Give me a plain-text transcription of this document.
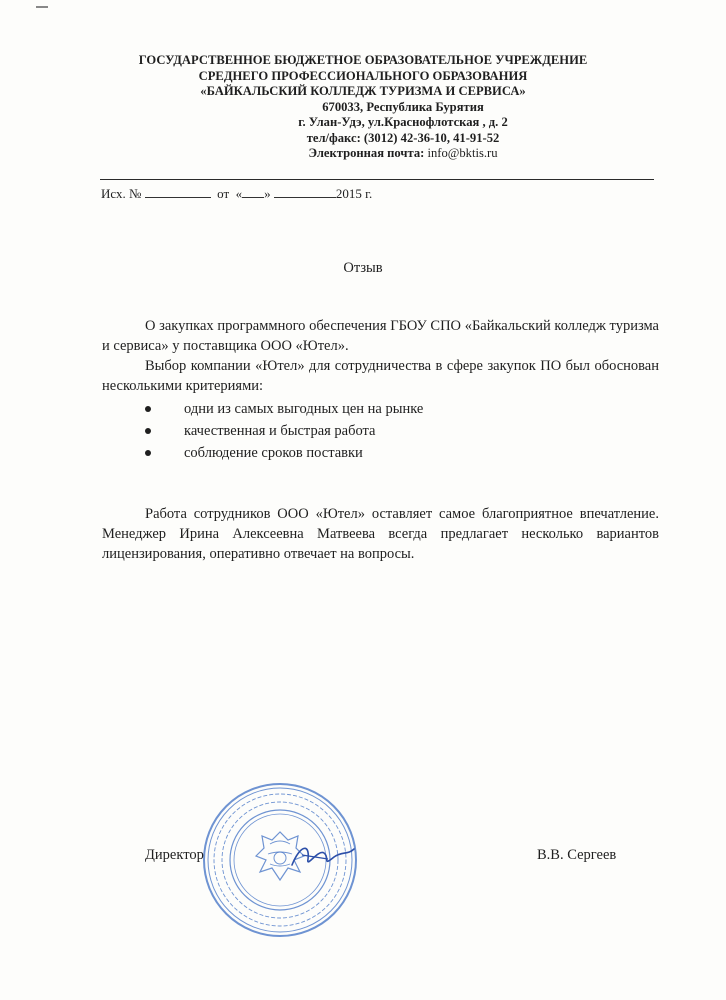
ГОСУДАРСТВЕННОЕ БЮДЖЕТНОЕ ОБРАЗОВАТЕЛЬНОЕ УЧРЕЖДЕНИЕ
СРЕДНЕГО ПРОФЕССИОНАЛЬНОГО ОБРАЗОВАНИЯ
«БАЙКАЛЬСКИЙ КОЛЛЕДЖ ТУРИЗМА И СЕРВИСА»
670033, Республика Бурятия
г. Улан-Удэ, ул.Краснофлотская , д. 2
тел/факс: (3012) 42-36-10, 41-91-52
Электронная почта: info@bktis.ru
Исх. №	от « »	2015 г.
Отзыв

О закупках программного обеспечения ГБОУ СПО «Байкальский колледж туризма и сервиса» у поставщика ООО «Ютел».

Выбор компании «Ютел» для сотрудничества в сфере закупок ПО был обоснован несколькими критериями:

одни из самых выгодных цен на рынке
качественная и быстрая работа
соблюдение сроков поставки

Работа сотрудников ООО «Ютел» оставляет самое благоприятное впечатление. Менеджер Ирина Алексеевна Матвеева всегда предлагает несколько вариантов лицензирования, оперативно отвечает на вопросы.

Директор	В.В. Сергеев
